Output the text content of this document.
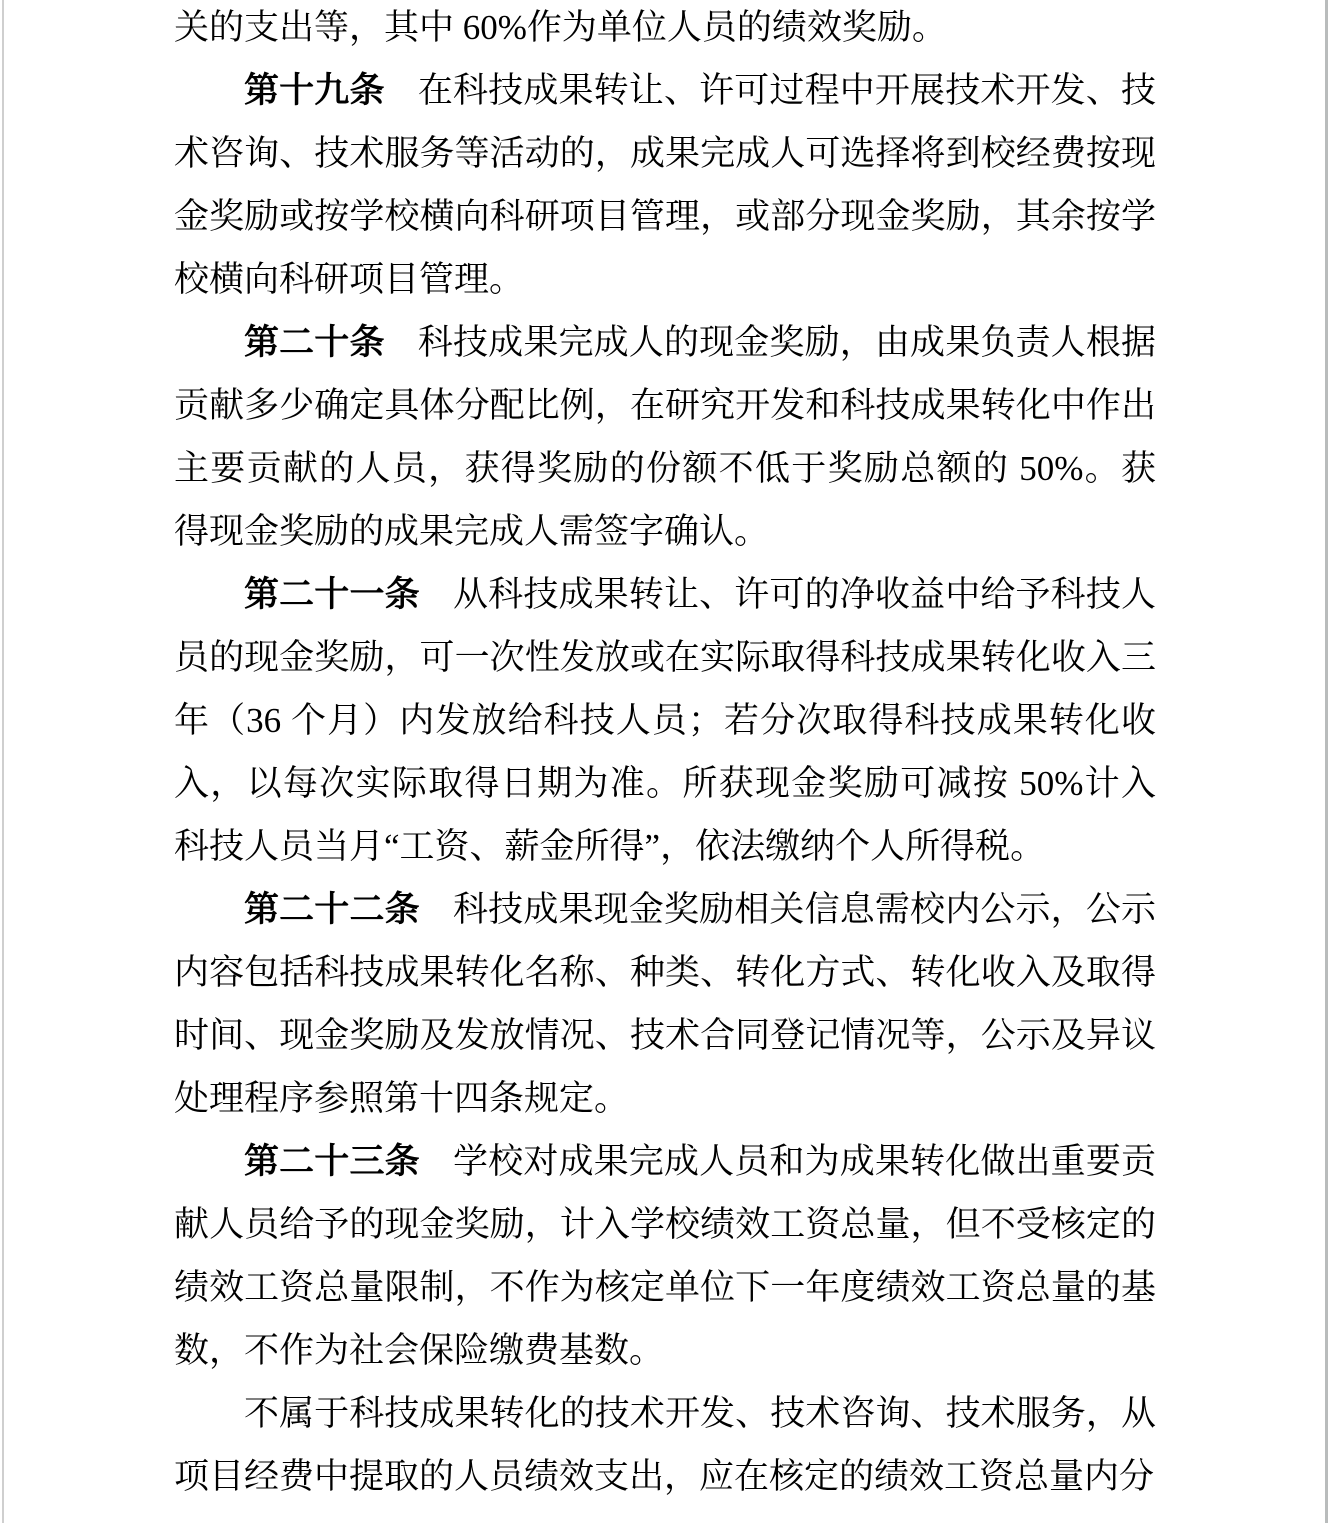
关的支出等，其中 60%作为单位人员的绩效奖励。

第十九条 在科技成果转让、许可过程中开展技术开发、技术咨询、技术服务等活动的，成果完成人可选择将到校经费按现金奖励或按学校横向科研项目管理，或部分现金奖励，其余按学校横向科研项目管理。

第二十条 科技成果完成人的现金奖励，由成果负责人根据贡献多少确定具体分配比例，在研究开发和科技成果转化中作出主要贡献的人员，获得奖励的份额不低于奖励总额的 50%。获得现金奖励的成果完成人需签字确认。

第二十一条 从科技成果转让、许可的净收益中给予科技人员的现金奖励，可一次性发放或在实际取得科技成果转化收入三年（36 个月）内发放给科技人员；若分次取得科技成果转化收入，以每次实际取得日期为准。所获现金奖励可减按 50%计入科技人员当月“工资、薪金所得”，依法缴纳个人所得税。

第二十二条 科技成果现金奖励相关信息需校内公示，公示内容包括科技成果转化名称、种类、转化方式、转化收入及取得时间、现金奖励及发放情况、技术合同登记情况等，公示及异议处理程序参照第十四条规定。

第二十三条 学校对成果完成人员和为成果转化做出重要贡献人员给予的现金奖励，计入学校绩效工资总量，但不受核定的绩效工资总量限制，不作为核定单位下一年度绩效工资总量的基数，不作为社会保险缴费基数。

不属于科技成果转化的技术开发、技术咨询、技术服务，从项目经费中提取的人员绩效支出，应在核定的绩效工资总量内分
